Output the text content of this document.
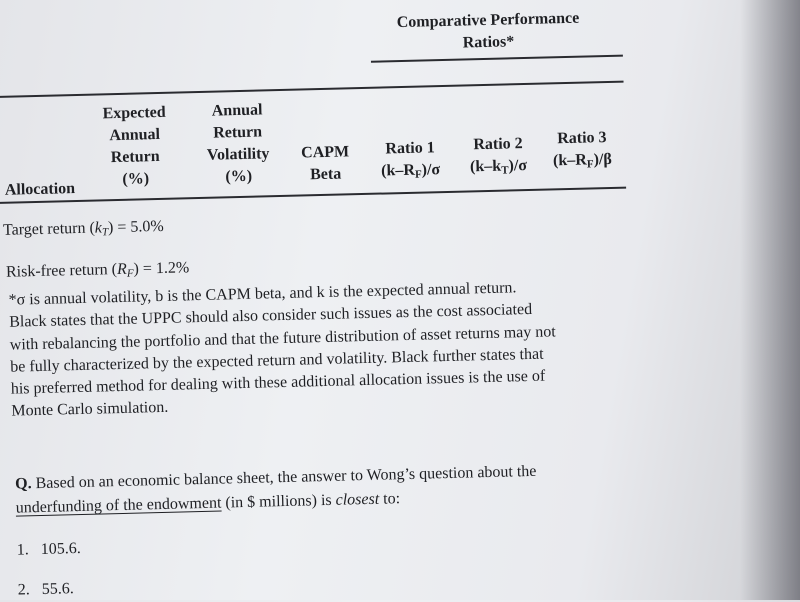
Comparative Performance
Ratios*
Allocation
Expected
Annual
Return
(%)
Annual
Return
Volatility
(%)
CAPM
Beta
Ratio 1
$(k-R_F)/\sigma$
Ratio 2
$(k-k_T)/\sigma$
Ratio 3
$(k-R_F)/\beta$
Target return $(k_T) = 5.0\%$
Risk-free return $(R_F) = 1.2\%$
*σ is annual volatility, b is the CAPM beta, and k is the expected annual return.
Black states that the UPPC should also consider such issues as the cost associated
with rebalancing the portfolio and that the future distribution of asset returns may not
be fully characterized by the expected return and volatility. Black further states that
his preferred method for dealing with these additional allocation issues is the use of
Monte Carlo simulation.
Q. Based on an economic balance sheet, the answer to Wong’s question about the
underfunding of the endowment (in $ millions) is closest to:
1. 105.6.
2. 55.6.
